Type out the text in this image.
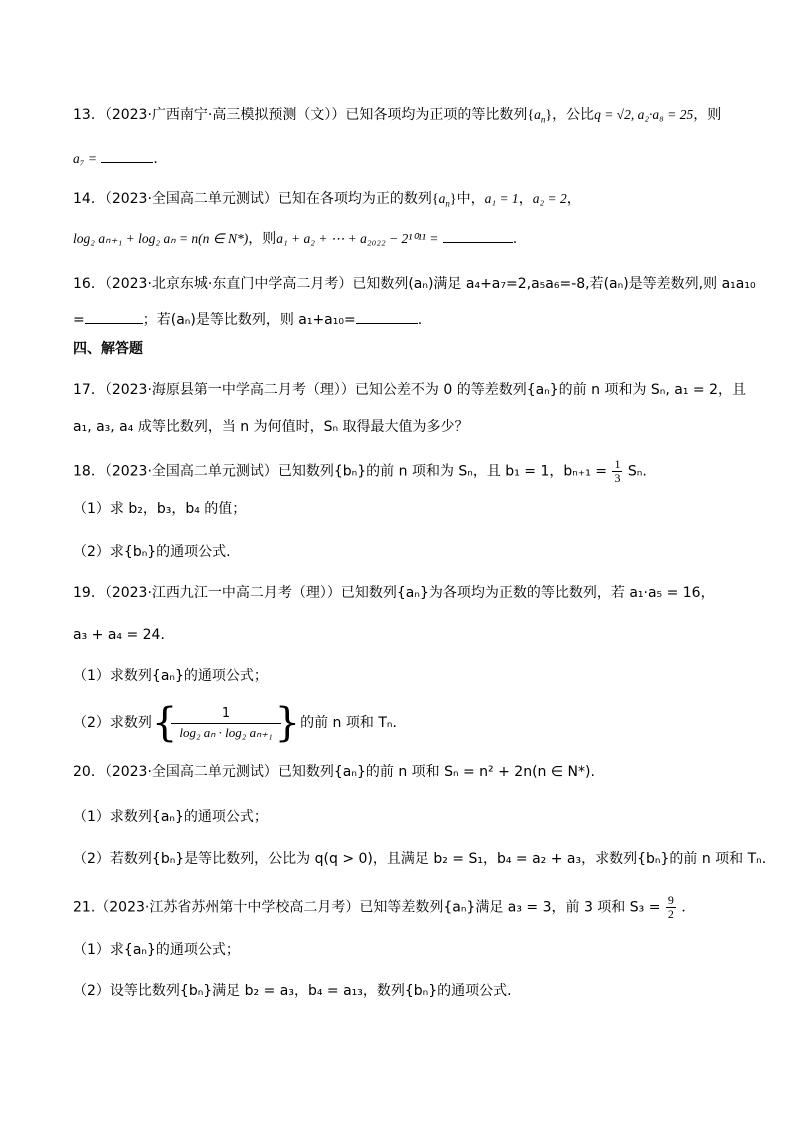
13．（2023·广西南宁·高三模拟预测（文））已知各项均为正项的等比数列$\{a_n\}$，公比q = √2, a₂·a₈ = 25，则
a₇ =	．
14．（2023·全国高二单元测试）已知在各项均为正的数列$\{a_n\}$中，a₁ = 1，a₂ = 2，
log₂ aₙ₊₁ + log₂ aₙ = n(n ∈ N*)，则a₁ + a₂ + ⋯ + a₂₀₂₂ − 2¹⁰¹¹ =	.
16．（2023·北京东城·东直门中学高二月考）已知数列(aₙ)满足 a₄+a₇=2,a₅a₆=-8,若(aₙ)是等差数列,则 a₁a₁₀
=	；若(aₙ)是等比数列，则 a₁+a₁₀=	.
四、解答题
17．（2023·海原县第一中学高二月考（理））已知公差不为 0 的等差数列{aₙ}的前 n 项和为 Sₙ, a₁ = 2，且
a₁, a₃, a₄ 成等比数列，当 n 为何值时，Sₙ 取得最大值为多少？
18．（2023·全国高二单元测试）已知数列{bₙ}的前 n 项和为 Sₙ，且 b₁ = 1，$b_{n+1} = \frac{1}{3} S_n$.
（1）求 b₂，b₃，b₄ 的值；
（2）求{bₙ}的通项公式.
19．（2023·江西九江一中高二月考（理））已知数列{aₙ}为各项均为正数的等比数列，若 a₁·a₅ = 16，
a₃ + a₄ = 24．
（1）求数列{aₙ}的通项公式；
（2）求数列{ $\frac{1}{\text{log₂ aₙ · log₂ aₙ₊₁}}$ }的前 n 项和 Tₙ．
20．（2023·全国高二单元测试）已知数列{aₙ}的前 n 项和 Sₙ = n² + 2n(n ∈ N*).
（1）求数列{aₙ}的通项公式；
（2）若数列{bₙ}是等比数列，公比为 q(q > 0)，且满足 b₂ = S₁，b₄ = a₂ + a₃，求数列{bₙ}的前 n 项和 Tₙ.
21.（2023·江苏省苏州第十中学校高二月考）已知等差数列{aₙ}满足 a₃ = 3，前 3 项和 $S_3 = \frac{9}{2}$ ．
（1）求{aₙ}的通项公式；
（2）设等比数列{bₙ}满足 b₂ = a₃，b₄ = a₁₃，数列{bₙ}的通项公式.
